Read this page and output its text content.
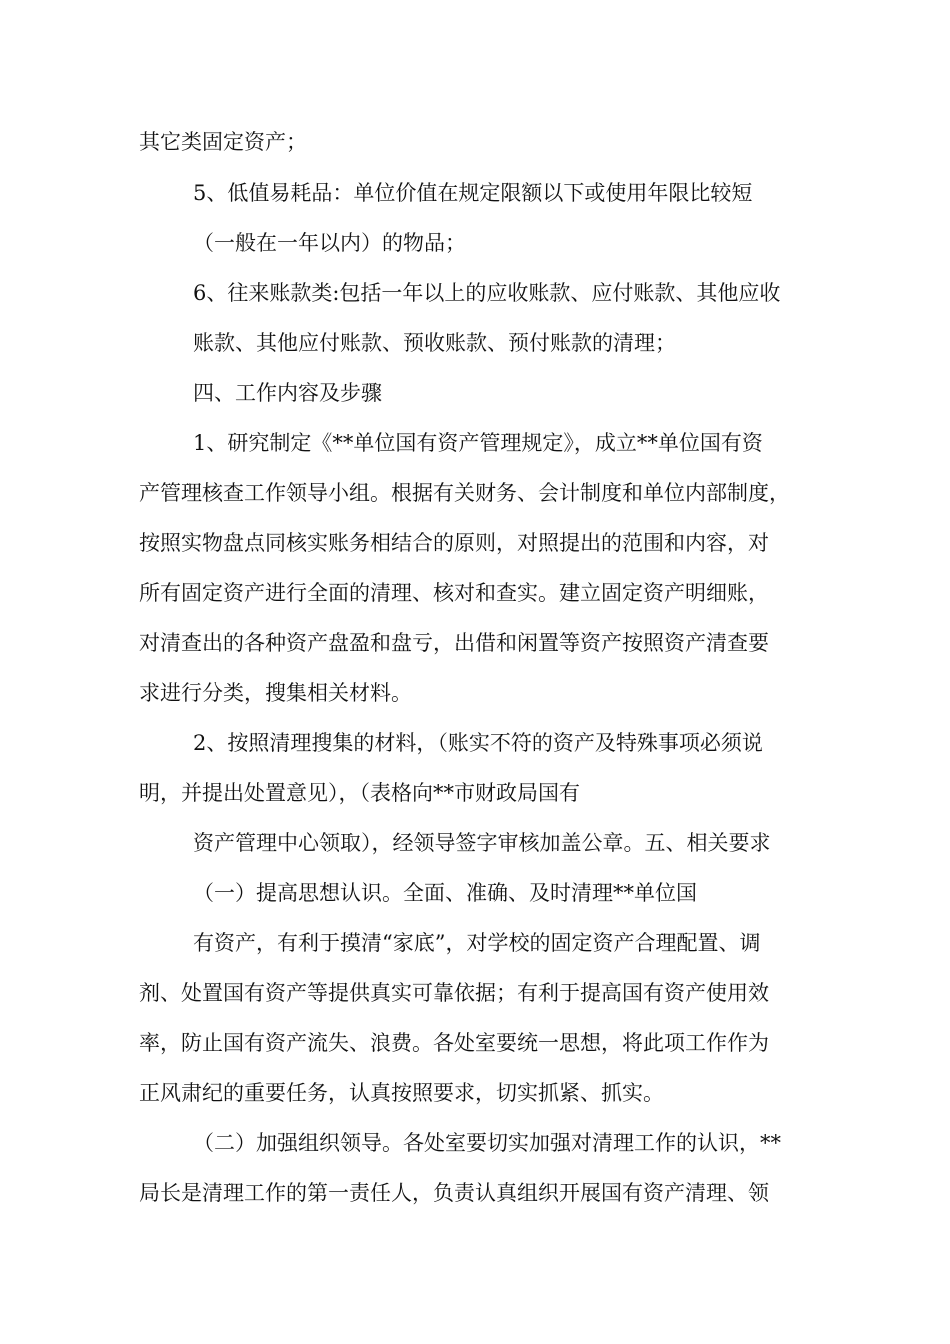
其它类固定资产；
5、低值易耗品：单位价值在规定限额以下或使用年限比较短
（一般在一年以内）的物品；
6、往来账款类:包括一年以上的应收账款、应付账款、其他应收
账款、其他应付账款、预收账款、预付账款的清理；
四、工作内容及步骤
1、研究制定《**单位国有资产管理规定》，成立**单位国有资
产管理核查工作领导小组。根据有关财务、会计制度和单位内部制度，
按照实物盘点同核实账务相结合的原则，对照提出的范围和内容，对
所有固定资产进行全面的清理、核对和查实。建立固定资产明细账，
对清查出的各种资产盘盈和盘亏，出借和闲置等资产按照资产清查要
求进行分类，搜集相关材料。
2、按照清理搜集的材料，（账实不符的资产及特殊事项必须说
明，并提出处置意见），（表格向**市财政局国有
资产管理中心领取），经领导签字审核加盖公章。五、相关要求
（一）提高思想认识。全面、准确、及时清理**单位国
有资产，有利于摸清“家底”，对学校的固定资产合理配置、调
剂、处置国有资产等提供真实可靠依据；有利于提高国有资产使用效
率，防止国有资产流失、浪费。各处室要统一思想，将此项工作作为
正风肃纪的重要任务，认真按照要求，切实抓紧、抓实。
（二）加强组织领导。各处室要切实加强对清理工作的认识，**
局长是清理工作的第一责任人，负责认真组织开展国有资产清理、领
